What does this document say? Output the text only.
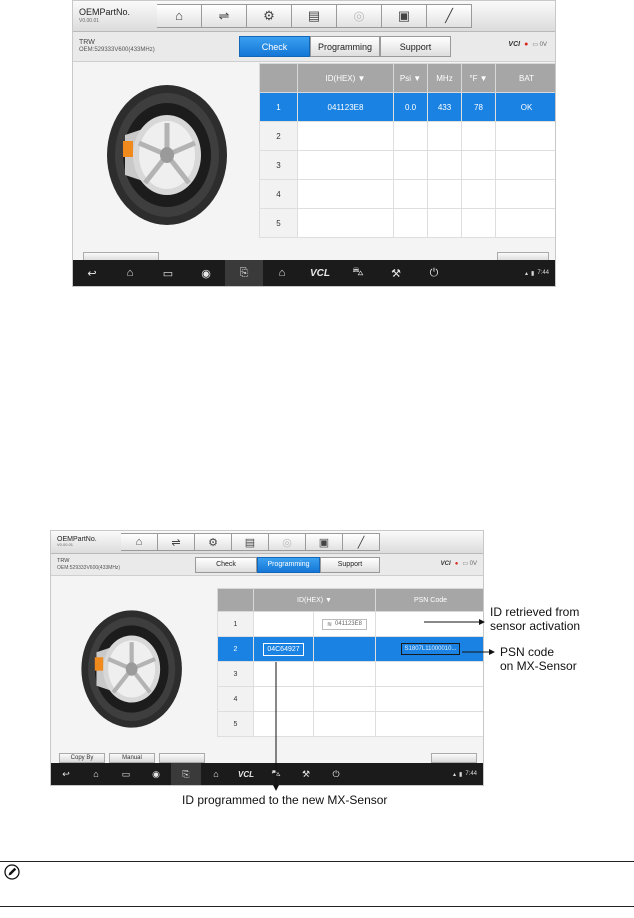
OEMPartNo.
V0.00.01	⌂	⇌	⚙	▤	◎	▣	╱
TRW
OEM:529333V600(433MHz)	Check	Programming	Support	VCI ● ▭ 0V
	ID(HEX) ▼	Psi ▼	MHz	°F ▼	BAT
1	041123E8	0.0	433	78	OK
2					
3					
4					
5					
↩	⌂	▭	◉	⎘	⌂	VCL	⛍	⚒	⏻	▴ ▮ 7:44
OEMPartNo.
V0.00.01	⌂	⇌	⚙	▤	◎	▣	╱
TRW
OEM:529333V600(433MHz)	Check	Programming	Support	VCI ● ▭ 0V
	ID(HEX) ▼		PSN Code
1		≋ 041123E8	

2	04C64927		S1807L11000010...
3			
4			
5			
Copy By	Manual
↩	⌂	▭	◉	⎘	⌂	VCL	⛍	⚒	⏻	▴ ▮ 7:44
ID retrieved from
sensor activation
PSN code
on MX-Sensor
ID programmed to the new MX-Sensor
